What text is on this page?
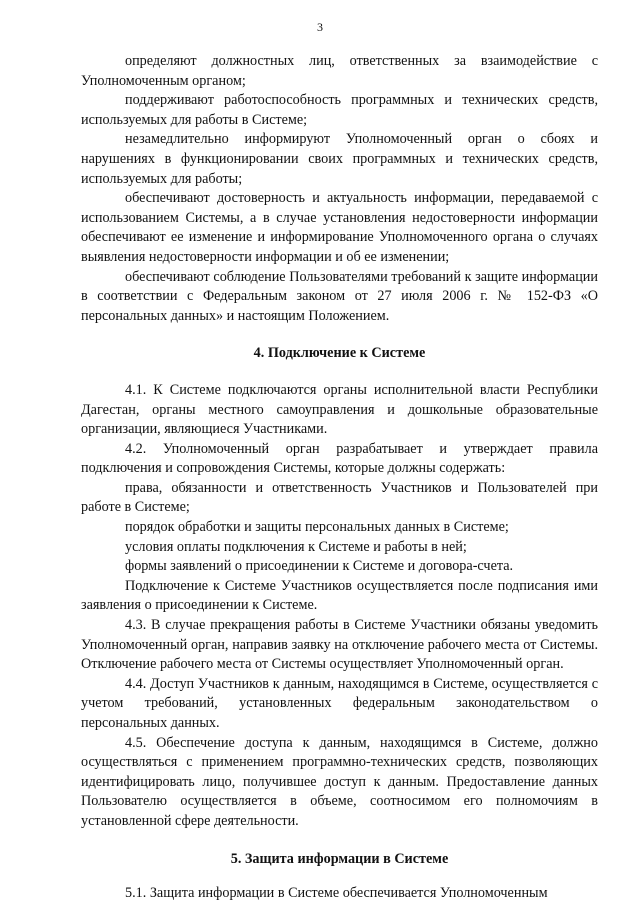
3

определяют должностных лиц, ответственных за взаимодействие с Уполномоченным органом;

поддерживают работоспособность программных и технических средств, используемых для работы в Системе;

незамедлительно информируют Уполномоченный орган о сбоях и нарушениях в функционировании своих программных и технических средств, используемых для работы;

обеспечивают достоверность и актуальность информации, передаваемой с использованием Системы, а в случае установления недостоверности информации обеспечивают ее изменение и информирование Уполномоченного органа о случаях выявления недостоверности информации и об ее изменении;

обеспечивают соблюдение Пользователями требований к защите информации в соответствии с Федеральным законом от 27 июля 2006 г. № 152-ФЗ «О персональных данных» и настоящим Положением.

4. Подключение к Системе

4.1. К Системе подключаются органы исполнительной власти Республики Дагестан, органы местного самоуправления и дошкольные образовательные организации, являющиеся Участниками.

4.2. Уполномоченный орган разрабатывает и утверждает правила подключения и сопровождения Системы, которые должны содержать:

права, обязанности и ответственность Участников и Пользователей при работе в Системе;

порядок обработки и защиты персональных данных в Системе;

условия оплаты подключения к Системе и работы в ней;

формы заявлений о присоединении к Системе и договора-счета.

Подключение к Системе Участников осуществляется после подписания ими заявления о присоединении к Системе.

4.3. В случае прекращения работы в Системе Участники обязаны уведомить Уполномоченный орган, направив заявку на отключение рабочего места от Системы. Отключение рабочего места от Системы осуществляет Уполномоченный орган.

4.4. Доступ Участников к данным, находящимся в Системе, осуществляется с учетом требований, установленных федеральным законодательством о персональных данных.

4.5. Обеспечение доступа к данным, находящимся в Системе, должно осуществляться с применением программно-технических средств, позволяющих идентифицировать лицо, получившее доступ к данным. Предоставление данных Пользователю осуществляется в объеме, соотносимом его полномочиям в установленной сфере деятельности.

5. Защита информации в Системе

5.1. Защита информации в Системе обеспечивается Уполномоченным
